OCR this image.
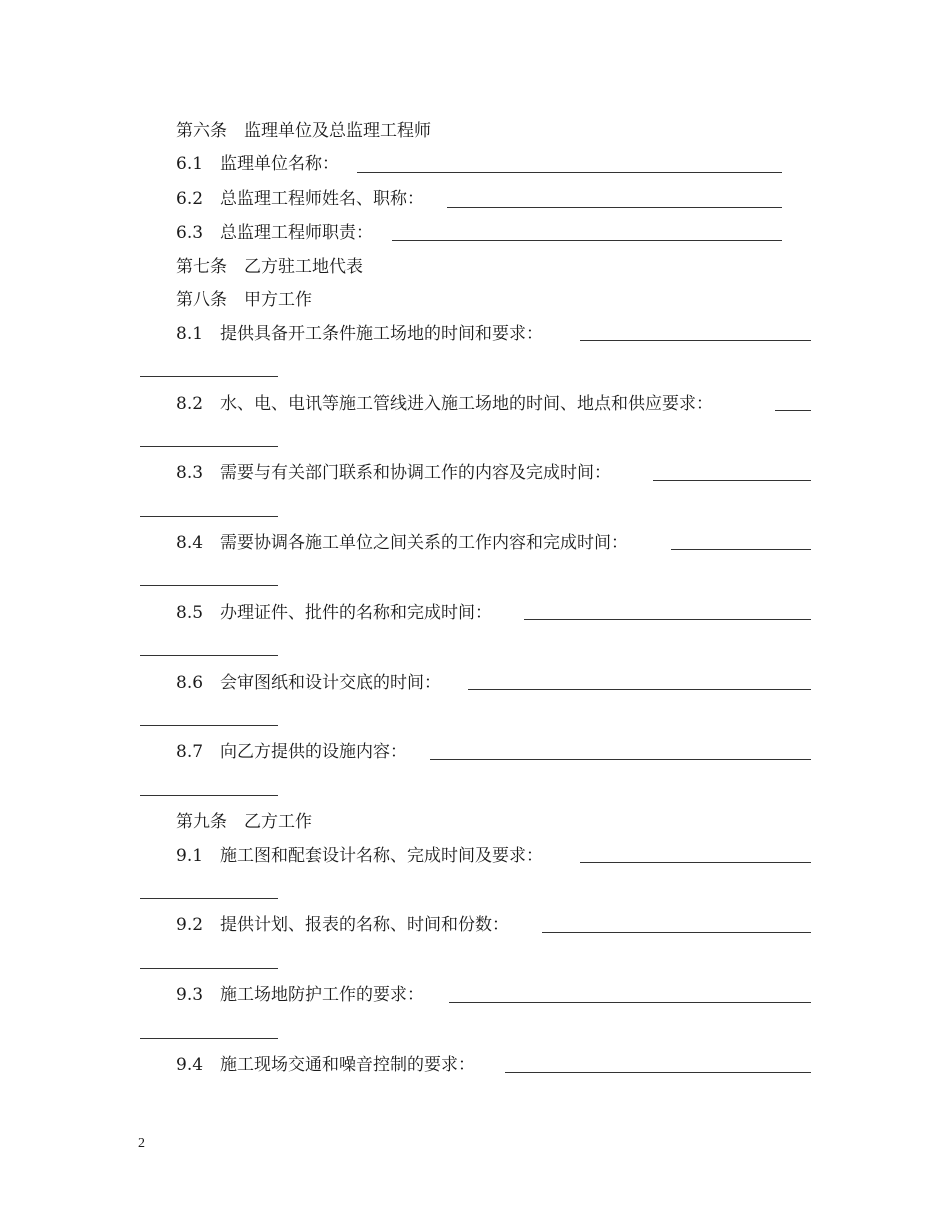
第六条　监理单位及总监理工程师
6.1　监理单位名称：
6.2　总监理工程师姓名、职称：
6.3　总监理工程师职责：
第七条　乙方驻工地代表
第八条　甲方工作
8.1　提供具备开工条件施工场地的时间和要求：
8.2　水、电、电讯等施工管线进入施工场地的时间、地点和供应要求：
8.3　需要与有关部门联系和协调工作的内容及完成时间：
8.4　需要协调各施工单位之间关系的工作内容和完成时间：
8.5　办理证件、批件的名称和完成时间：
8.6　会审图纸和设计交底的时间：
8.7　向乙方提供的设施内容：
第九条　乙方工作
9.1　施工图和配套设计名称、完成时间及要求：
9.2　提供计划、报表的名称、时间和份数：
9.3　施工场地防护工作的要求：
9.4　施工现场交通和噪音控制的要求：
2
